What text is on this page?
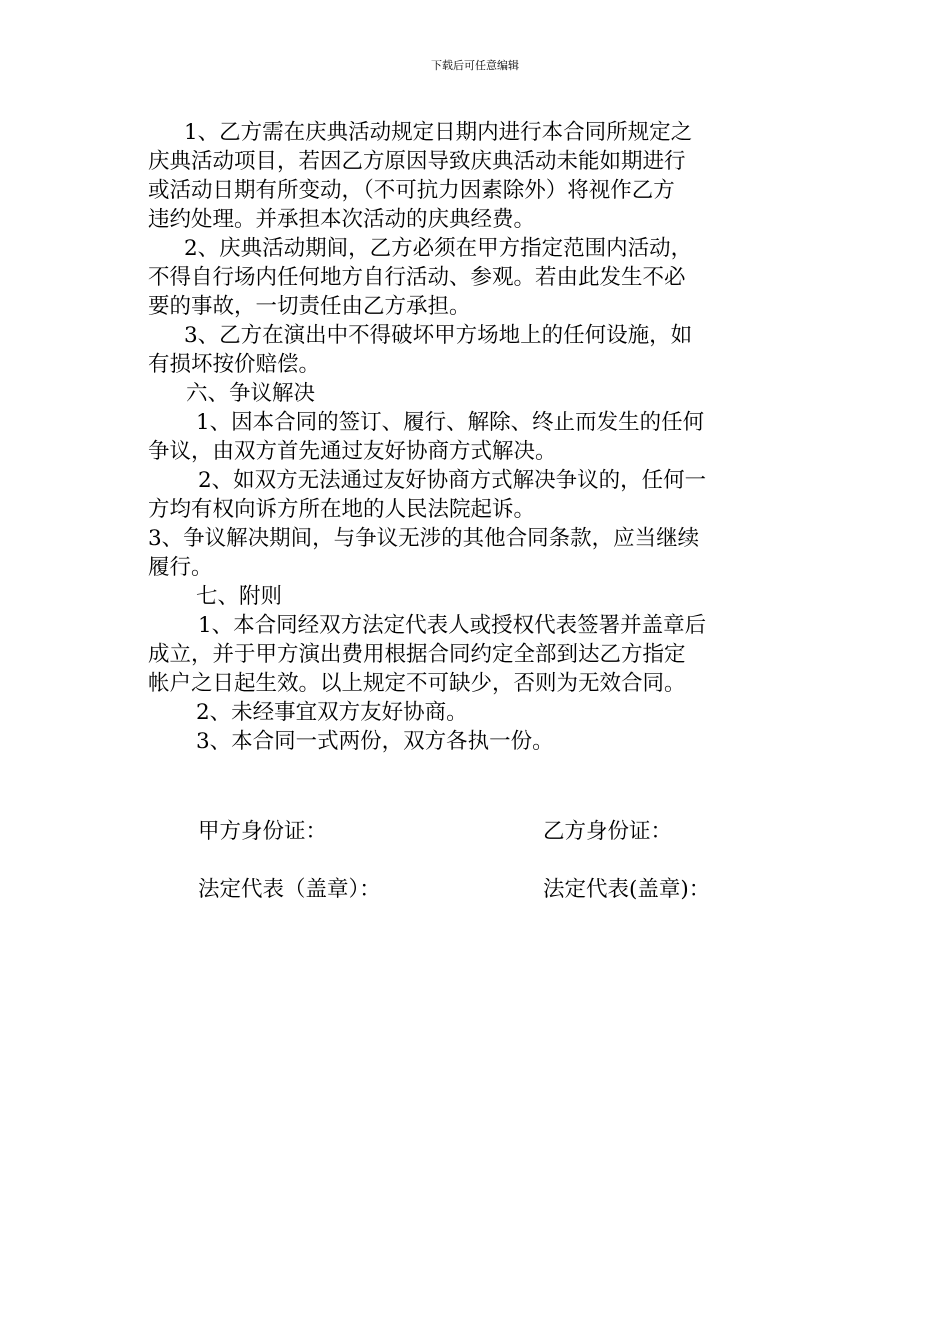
下载后可任意编辑
1、乙方需在庆典活动规定日期内进行本合同所规定之
庆典活动项目，若因乙方原因导致庆典活动未能如期进行
或活动日期有所变动，（不可抗力因素除外）将视作乙方
违约处理。并承担本次活动的庆典经费。
2、庆典活动期间，乙方必须在甲方指定范围内活动，
不得自行场内任何地方自行活动、参观。若由此发生不必
要的事故，一切责任由乙方承担。
3、乙方在演出中不得破坏甲方场地上的任何设施，如
有损坏按价赔偿。
六、争议解决
1、因本合同的签订、履行、解除、终止而发生的任何
争议，由双方首先通过友好协商方式解决。
2、如双方无法通过友好协商方式解决争议的，任何一
方均有权向诉方所在地的人民法院起诉。
3、争议解决期间，与争议无涉的其他合同条款，应当继续
履行。
七、附则
1、本合同经双方法定代表人或授权代表签署并盖章后
成立，并于甲方演出费用根据合同约定全部到达乙方指定
帐户之日起生效。以上规定不可缺少，否则为无效合同。
2、未经事宜双方友好协商。
3、本合同一式两份，双方各执一份。
甲方身份证：	乙方身份证：
法定代表（盖章）：	法定代表(盖章)：
